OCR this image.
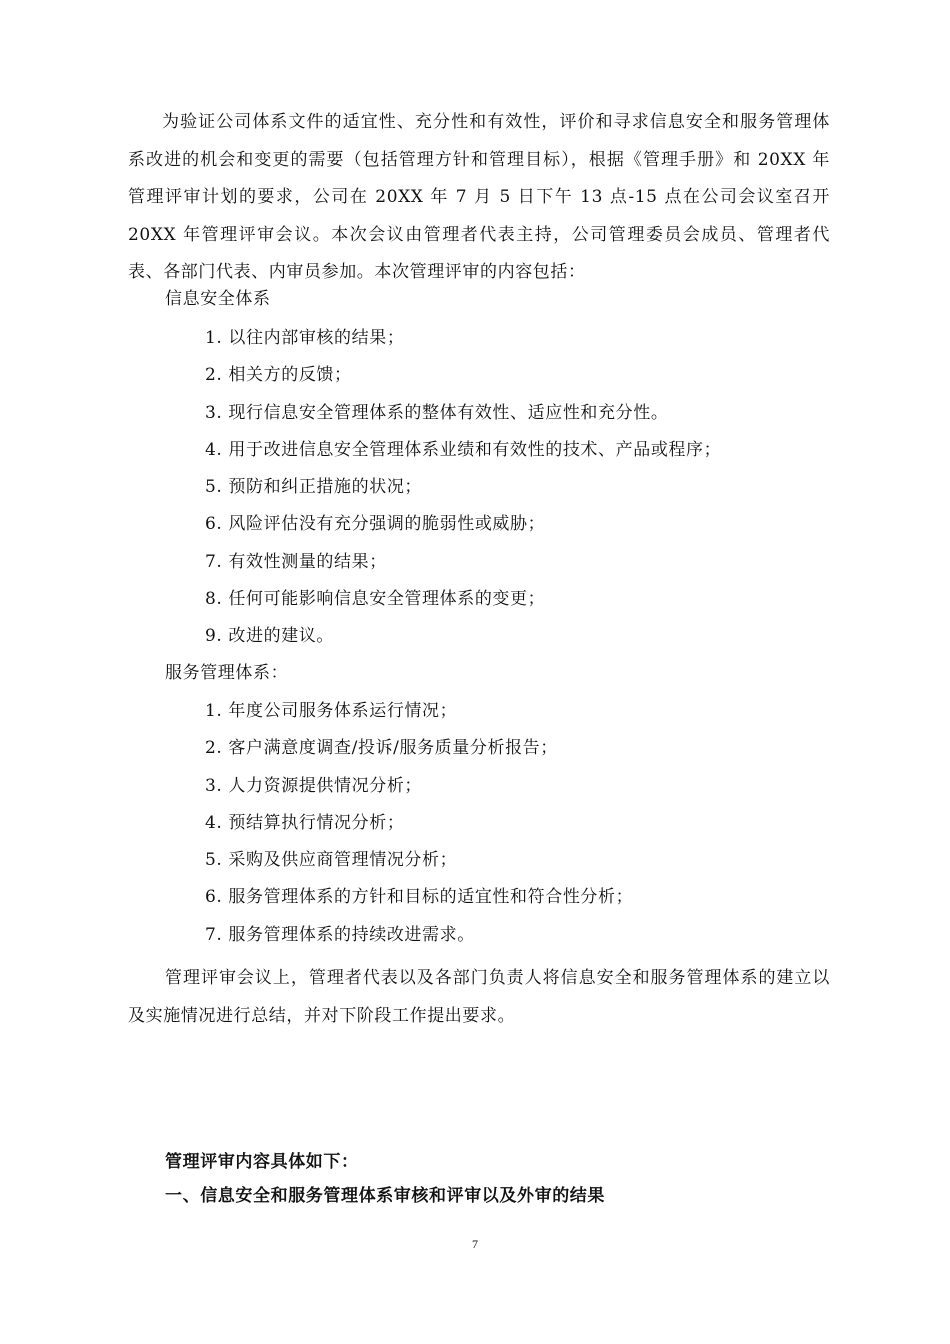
为验证公司体系文件的适宜性、充分性和有效性，评价和寻求信息安全和服务管理体系改进的机会和变更的需要（包括管理方针和管理目标），根据《管理手册》和 20XX 年管理评审计划的要求，公司在 20XX 年 7 月 5 日下午 13 点-15 点在公司会议室召开 20XX 年管理评审会议。本次会议由管理者代表主持，公司管理委员会成员、管理者代表、各部门代表、内审员参加。本次管理评审的内容包括：

信息安全体系

1. 以往内部审核的结果；
2. 相关方的反馈；
3. 现行信息安全管理体系的整体有效性、适应性和充分性。
4. 用于改进信息安全管理体系业绩和有效性的技术、产品或程序；
5. 预防和纠正措施的状况；
6. 风险评估没有充分强调的脆弱性或威胁；
7. 有效性测量的结果；
8. 任何可能影响信息安全管理体系的变更；
9. 改进的建议。

服务管理体系：

1. 年度公司服务体系运行情况；
2. 客户满意度调查/投诉/服务质量分析报告；
3. 人力资源提供情况分析；
4. 预结算执行情况分析；
5. 采购及供应商管理情况分析；
6. 服务管理体系的方针和目标的适宜性和符合性分析；
7. 服务管理体系的持续改进需求。

管理评审会议上，管理者代表以及各部门负责人将信息安全和服务管理体系的建立以及实施情况进行总结，并对下阶段工作提出要求。

管理评审内容具体如下：

一、信息安全和服务管理体系审核和评审以及外审的结果

7
